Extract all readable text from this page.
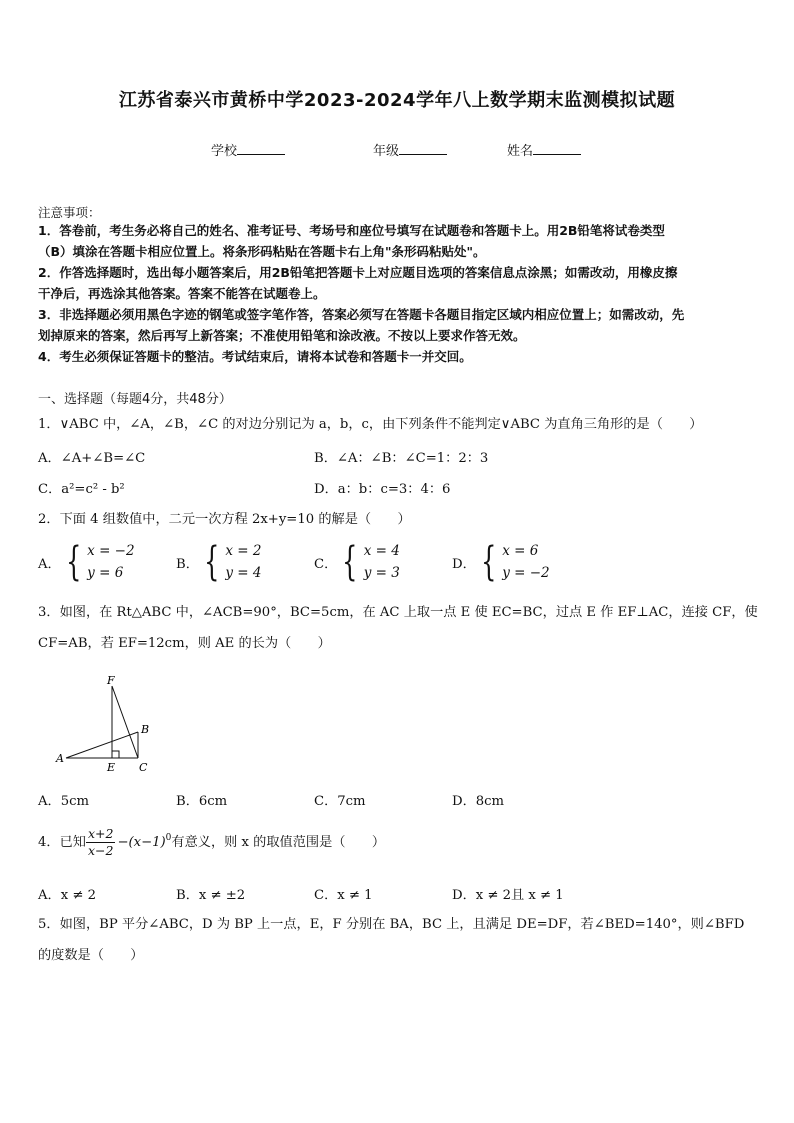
江苏省泰兴市黄桥中学2023-2024学年八上数学期末监测模拟试题
学校	年级	姓名
注意事项：
1．答卷前，考生务必将自己的姓名、准考证号、考场号和座位号填写在试题卷和答题卡上。用2B铅笔将试卷类型
（B）填涂在答题卡相应位置上。将条形码粘贴在答题卡右上角"条形码粘贴处"。
2．作答选择题时，选出每小题答案后，用2B铅笔把答题卡上对应题目选项的答案信息点涂黑；如需改动，用橡皮擦
干净后，再选涂其他答案。答案不能答在试题卷上。
3．非选择题必须用黑色字迹的钢笔或签字笔作答，答案必须写在答题卡各题目指定区域内相应位置上；如需改动，先
划掉原来的答案，然后再写上新答案；不准使用铅笔和涂改液。不按以上要求作答无效。
4．考生必须保证答题卡的整洁。考试结束后，请将本试卷和答题卡一并交回。
一、选择题（每题4分，共48分）
1．∨ABC 中，∠A，∠B，∠C 的对边分别记为 a，b，c，由下列条件不能判定∨ABC 为直角三角形的是（　　）
A．∠A+∠B=∠C	B．∠A：∠B：∠C=1：2：3
C．a²=c² - b²	D．a：b：c=3：4：6
2．下面 4 组数值中，二元一次方程 2x+y=10 的解是（　　）
A． { x = −2
y = 6
B． { x = 2
y = 4
C． { x = 4
y = 3
D． { x = 6
y = −2
3．如图，在 Rt△ABC 中，∠ACB=90°，BC=5cm，在 AC 上取一点 E 使 EC=BC，过点 E 作 EF⊥AC，连接 CF，使
CF=AB，若 EF=12cm，则 AE 的长为（　　）
F
B
A
E C
A．5cm	B．6cm	C．7cm	D．8cm
4．已知 $\frac{x+2}{x-2} -(x-1)^0$ 有意义，则 x 的取值范围是（　　）
A．x ≠ 2	B．x ≠ ±2	C．x ≠ 1	D．x ≠ 2且 x ≠ 1
5．如图，BP 平分∠ABC，D 为 BP 上一点，E，F 分别在 BA，BC 上，且满足 DE=DF，若∠BED=140°，则∠BFD
的度数是（　　）
